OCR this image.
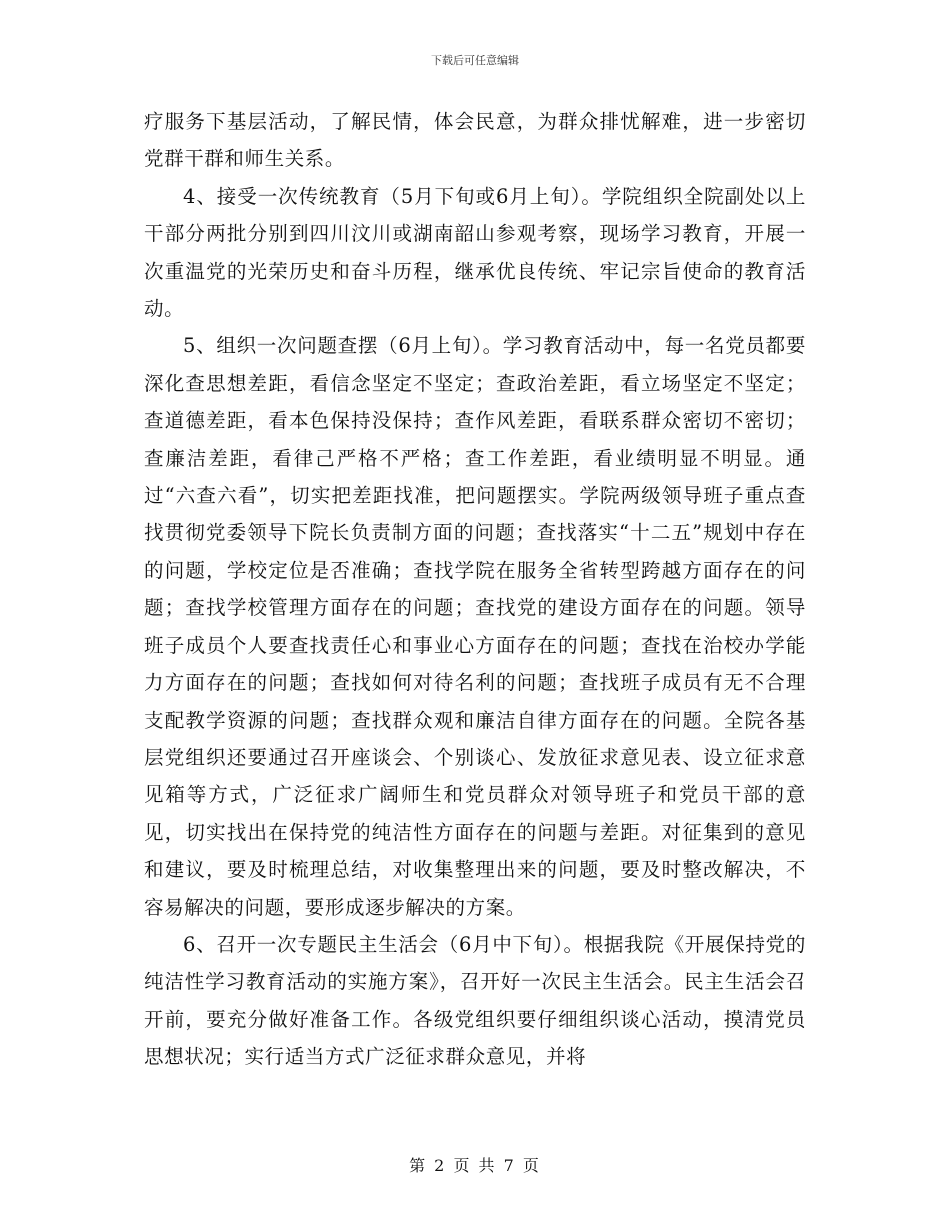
下载后可任意编辑

疗服务下基层活动，了解民情，体会民意，为群众排忧解难，进一步密切党群干群和师生关系。

4、接受一次传统教育（5月下旬或6月上旬）。学院组织全院副处以上干部分两批分别到四川汶川或湖南韶山参观考察，现场学习教育，开展一次重温党的光荣历史和奋斗历程，继承优良传统、牢记宗旨使命的教育活动。

5、组织一次问题查摆（6月上旬）。学习教育活动中，每一名党员都要深化查思想差距，看信念坚定不坚定；查政治差距，看立场坚定不坚定；查道德差距，看本色保持没保持；查作风差距，看联系群众密切不密切；查廉洁差距，看律己严格不严格；查工作差距，看业绩明显不明显。通过“六查六看”，切实把差距找准，把问题摆实。学院两级领导班子重点查找贯彻党委领导下院长负责制方面的问题；查找落实“十二五”规划中存在的问题，学校定位是否准确；查找学院在服务全省转型跨越方面存在的问题；查找学校管理方面存在的问题；查找党的建设方面存在的问题。领导班子成员个人要查找责任心和事业心方面存在的问题；查找在治校办学能力方面存在的问题；查找如何对待名利的问题；查找班子成员有无不合理支配教学资源的问题；查找群众观和廉洁自律方面存在的问题。全院各基层党组织还要通过召开座谈会、个别谈心、发放征求意见表、设立征求意见箱等方式，广泛征求广阔师生和党员群众对领导班子和党员干部的意见，切实找出在保持党的纯洁性方面存在的问题与差距。对征集到的意见和建议，要及时梳理总结，对收集整理出来的问题，要及时整改解决，不容易解决的问题，要形成逐步解决的方案。

6、召开一次专题民主生活会（6月中下旬）。根据我院《开展保持党的纯洁性学习教育活动的实施方案》，召开好一次民主生活会。民主生活会召开前，要充分做好准备工作。各级党组织要仔细组织谈心活动，摸清党员思想状况；实行适当方式广泛征求群众意见，并将

第 2 页 共 7 页
